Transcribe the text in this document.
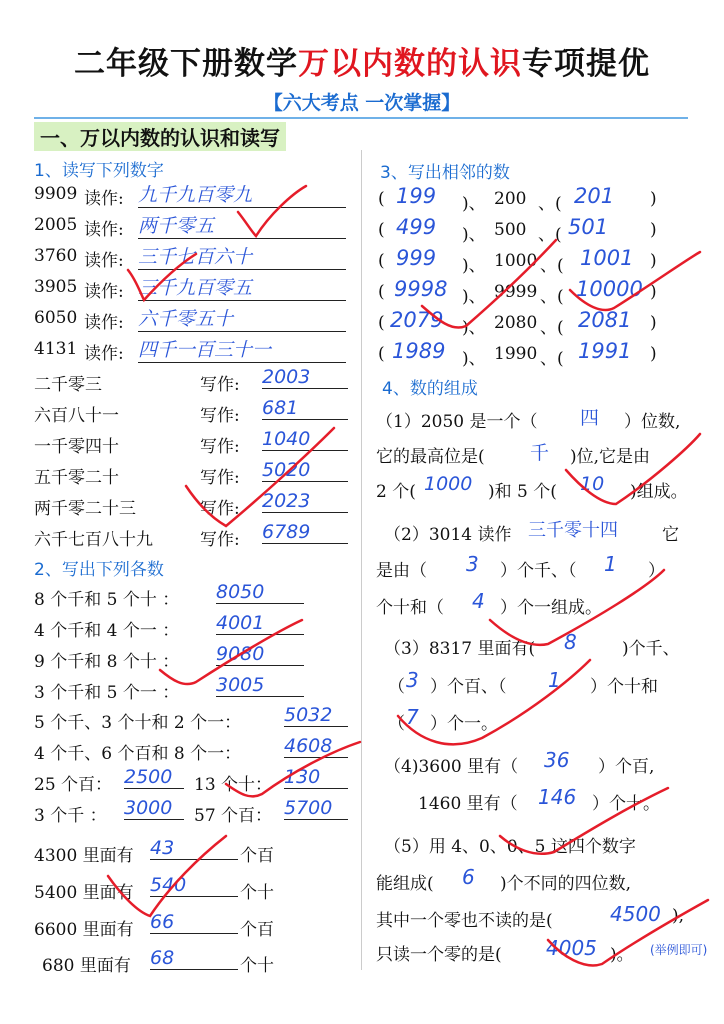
二年级下册数学万以内数的认识专项提优
【六大考点 一次掌握】
一、万以内数的认识和读写
1、读写下列数字
9909 读作: 九千九百零九
2005 读作: 两千零五
3760 读作: 三千七百六十
3905 读作: 三千九百零五
6050 读作: 六千零五十
4131 读作: 四千一百三十一
二千零三	写作: 2003
六百八十一	写作: 681
一千零四十	写作: 1040
五千零二十	写作: 5020
两千零二十三	写作: 2023
六千七百八十九	写作: 6789
2、写出下列各数
8 个千和 5 个十 ： 8050
4 个千和 4 个一 ： 4001
9 个千和 8 个十 ： 9080
3 个千和 5 个一 ： 3005
5 个千、3 个十和 2 个一： 5032
4 个千、6 个百和 8 个一： 4608
25 个百： 2500	13 个十： 130
3 个千 ： 3000	57 个百： 5700
4300 里面有 43	个百
5400 里面有 540	个十
6600 里面有 66	个百
680 里面有 68	个十
3、写出相邻的数
( 199 )、 200 、( 201 )
( 499 )、 500 、( 501 )
( 999 )、 1000 、( 1001 )
( 9998 )、 9999 、( 10000 )
( 2079 )、 2080 、( 2081 )
( 1989 )、 1990 、( 1991 )
4、数的组成
（1）2050 是一个（ 四 ）位数,
它的最高位是( 千 )位,它是由
2 个( 1000 )和 5 个( 10 )组成。
（2）3014 读作 三千零十四	它
是由（ 3 ）个千、（ 1 ）
个十和（ 4 ）个一组成。
（3）8317 里面有( 8	)个千、
（ 3 ）个百、（ 1 ）个十和
（ 7 ）个一。
（4)3600 里有（ 36 ）个百,
1460 里有（ 146 ）个十。
（5）用 4、0、0、5 这四个数字
能组成( 6 )个不同的四位数,
其中一个零也不读的是(	4500 ),
只读一个零的是( 4005 )。 (举例即可)
